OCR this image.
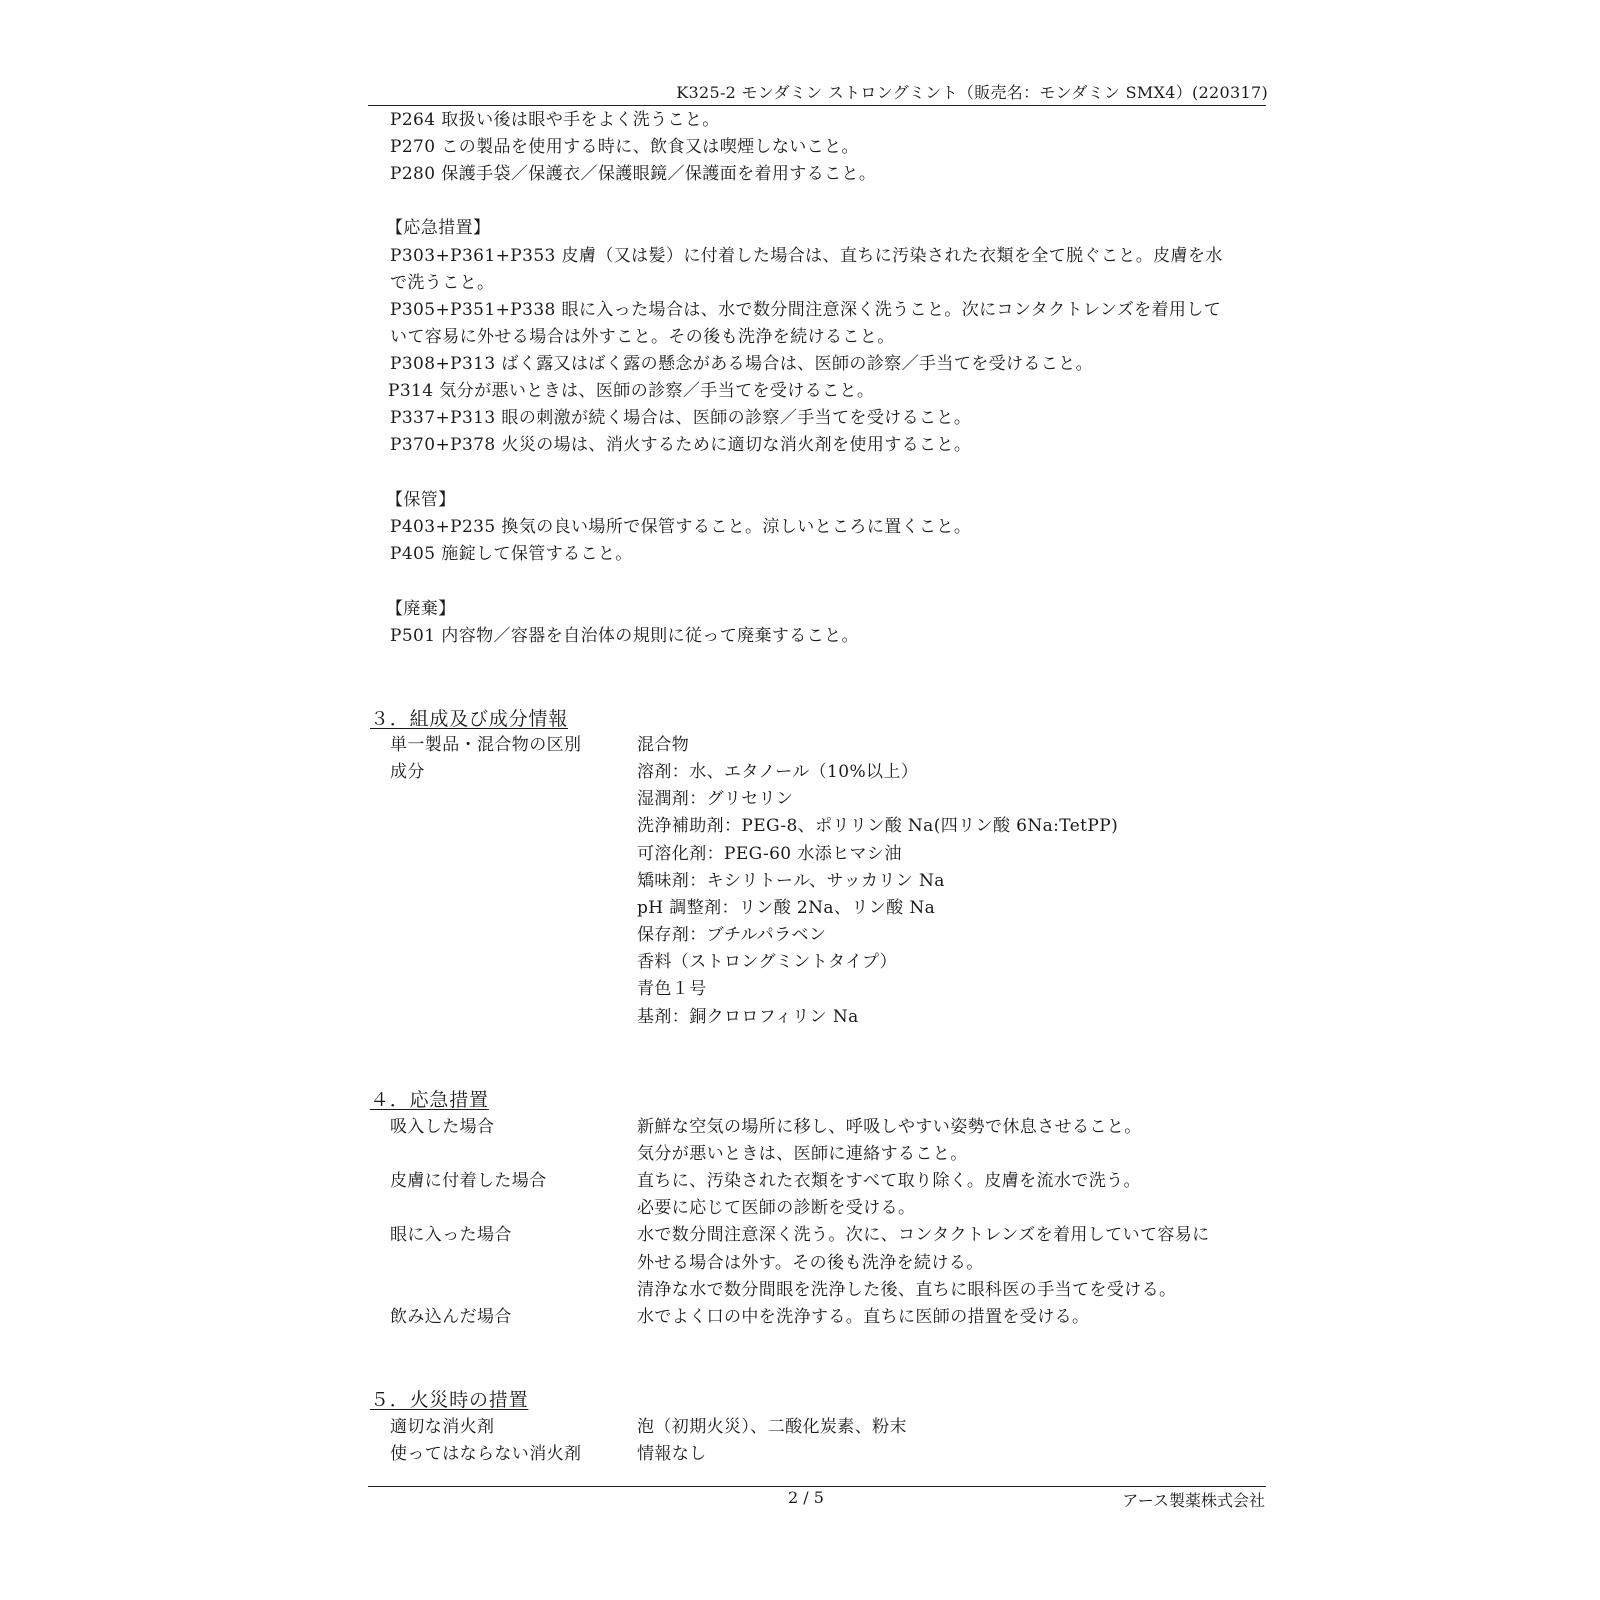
K325-2 モンダミン ストロングミント（販売名：モンダミン SMX4）(220317)
P264 取扱い後は眼や手をよく洗うこと。
P270 この製品を使用する時に、飲食又は喫煙しないこと。
P280 保護手袋／保護衣／保護眼鏡／保護面を着用すること。
【応急措置】
P303+P361+P353 皮膚（又は髪）に付着した場合は、直ちに汚染された衣類を全て脱ぐこと。皮膚を水
で洗うこと。
P305+P351+P338 眼に入った場合は、水で数分間注意深く洗うこと。次にコンタクトレンズを着用して
いて容易に外せる場合は外すこと。その後も洗浄を続けること。
P308+P313 ばく露又はばく露の懸念がある場合は、医師の診察／手当てを受けること。
P314 気分が悪いときは、医師の診察／手当てを受けること。
P337+P313 眼の刺激が続く場合は、医師の診察／手当てを受けること。
P370+P378 火災の場は、消火するために適切な消火剤を使用すること。
【保管】
P403+P235 換気の良い場所で保管すること。涼しいところに置くこと。
P405 施錠して保管すること。
【廃棄】
P501 内容物／容器を自治体の規則に従って廃棄すること。
３．組成及び成分情報
単一製品・混合物の区別	混合物
成分	溶剤：水、エタノール（10%以上）
湿潤剤：グリセリン
洗浄補助剤：PEG-8、ポリリン酸 Na(四リン酸 6Na:TetPP)
可溶化剤：PEG-60 水添ヒマシ油
矯味剤：キシリトール、サッカリン Na
pH 調整剤：リン酸 2Na、リン酸 Na
保存剤：ブチルパラベン
香料（ストロングミントタイプ）
青色１号
基剤：銅クロロフィリン Na
４．応急措置
吸入した場合	新鮮な空気の場所に移し、呼吸しやすい姿勢で休息させること。
気分が悪いときは、医師に連絡すること。
皮膚に付着した場合	直ちに、汚染された衣類をすべて取り除く。皮膚を流水で洗う。
必要に応じて医師の診断を受ける。
眼に入った場合	水で数分間注意深く洗う。次に、コンタクトレンズを着用していて容易に
外せる場合は外す。その後も洗浄を続ける。
清浄な水で数分間眼を洗浄した後、直ちに眼科医の手当てを受ける。
飲み込んだ場合	水でよく口の中を洗浄する。直ちに医師の措置を受ける。
５．火災時の措置
適切な消火剤	泡（初期火災）、二酸化炭素、粉末
使ってはならない消火剤	情報なし
2 / 5	アース製薬株式会社
